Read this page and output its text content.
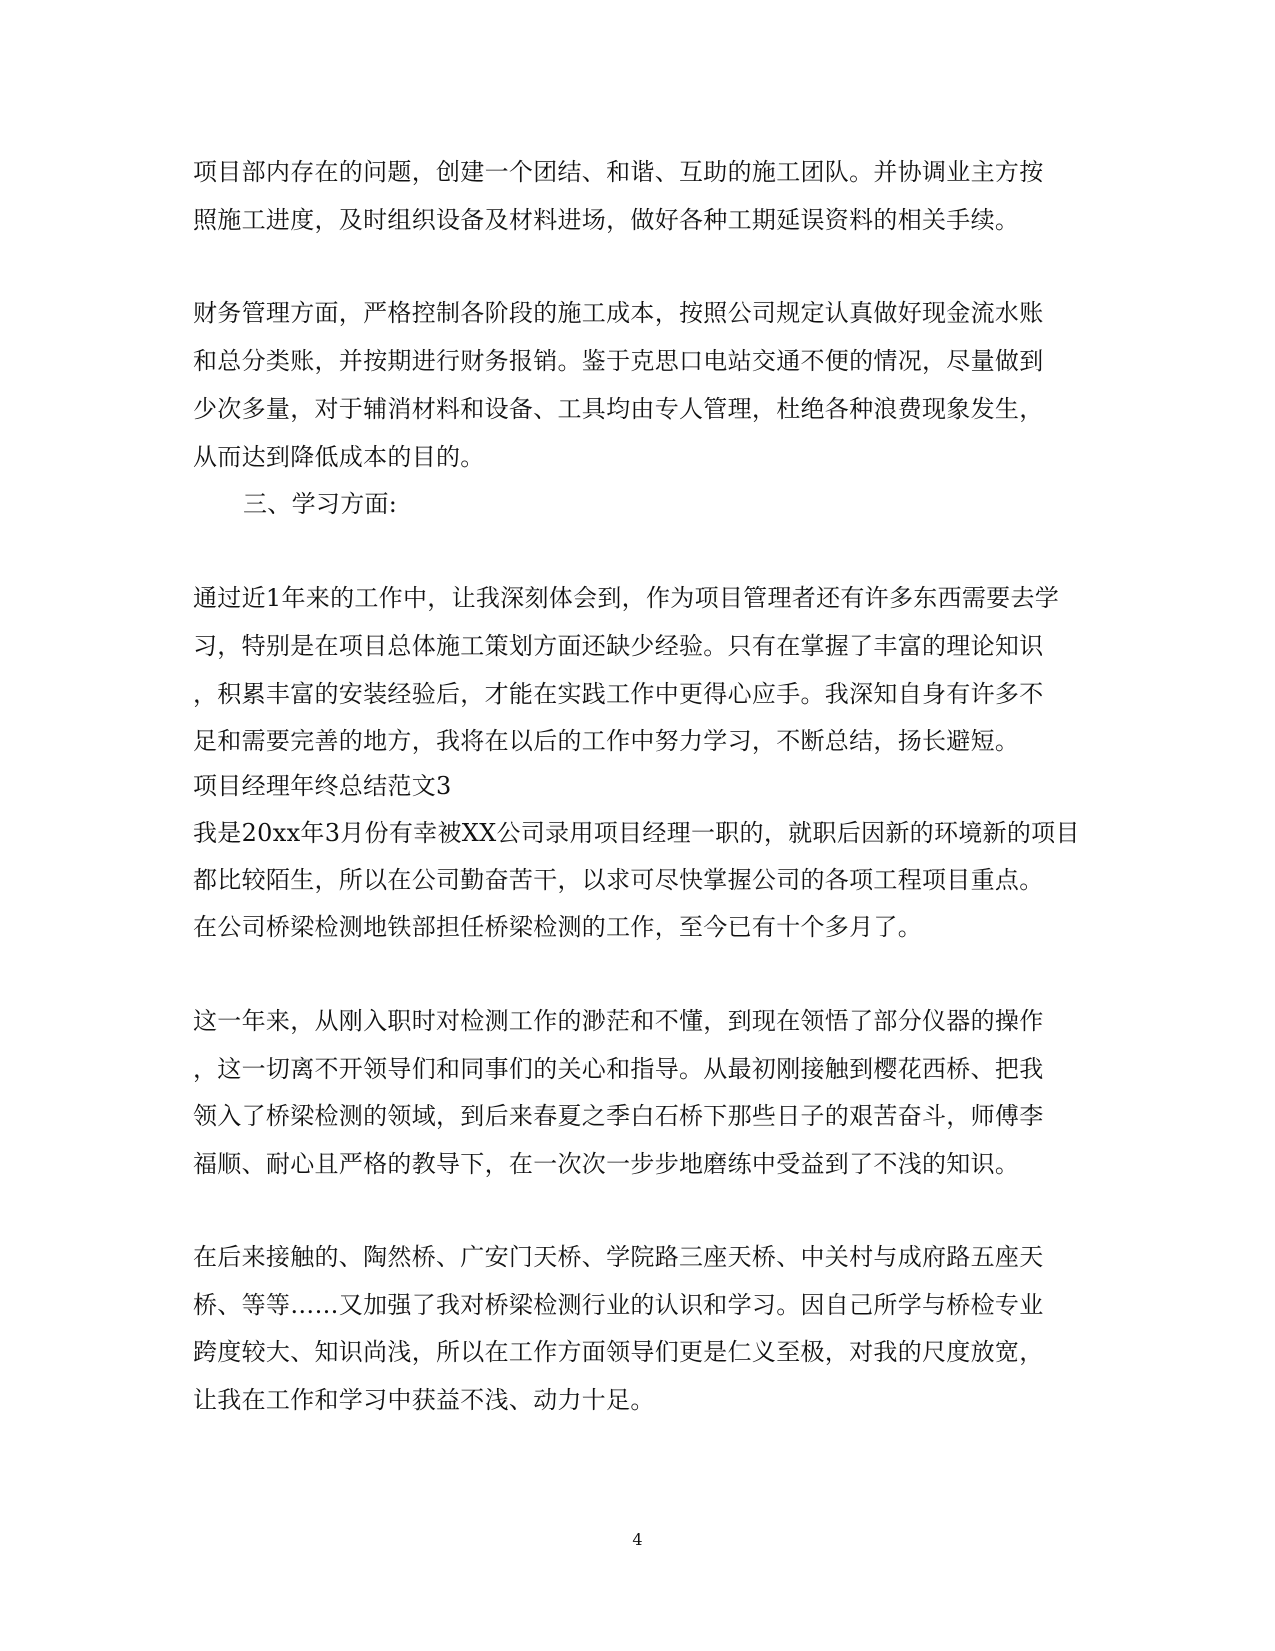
项目部内存在的问题，创建一个团结、和谐、互助的施工团队。并协调业主方按
照施工进度，及时组织设备及材料进场，做好各种工期延误资料的相关手续。
财务管理方面，严格控制各阶段的施工成本，按照公司规定认真做好现金流水账
和总分类账，并按期进行财务报销。鉴于克思口电站交通不便的情况，尽量做到
少次多量，对于辅消材料和设备、工具均由专人管理，杜绝各种浪费现象发生，
从而达到降低成本的目的。
三、学习方面:
通过近1年来的工作中，让我深刻体会到，作为项目管理者还有许多东西需要去学
习，特别是在项目总体施工策划方面还缺少经验。只有在掌握了丰富的理论知识
，积累丰富的安装经验后，才能在实践工作中更得心应手。我深知自身有许多不
足和需要完善的地方，我将在以后的工作中努力学习，不断总结，扬长避短。
项目经理年终总结范文3
我是20xx年3月份有幸被XX公司录用项目经理一职的，就职后因新的环境新的项目
都比较陌生，所以在公司勤奋苦干，以求可尽快掌握公司的各项工程项目重点。
在公司桥梁检测地铁部担任桥梁检测的工作，至今已有十个多月了。
这一年来，从刚入职时对检测工作的渺茫和不懂，到现在领悟了部分仪器的操作
，这一切离不开领导们和同事们的关心和指导。从最初刚接触到樱花西桥、把我
领入了桥梁检测的领域，到后来春夏之季白石桥下那些日子的艰苦奋斗，师傅李
福顺、耐心且严格的教导下，在一次次一步步地磨练中受益到了不浅的知识。
在后来接触的、陶然桥、广安门天桥、学院路三座天桥、中关村与成府路五座天
桥、等等……又加强了我对桥梁检测行业的认识和学习。因自己所学与桥检专业
跨度较大、知识尚浅，所以在工作方面领导们更是仁义至极，对我的尺度放宽，
让我在工作和学习中获益不浅、动力十足。
4
